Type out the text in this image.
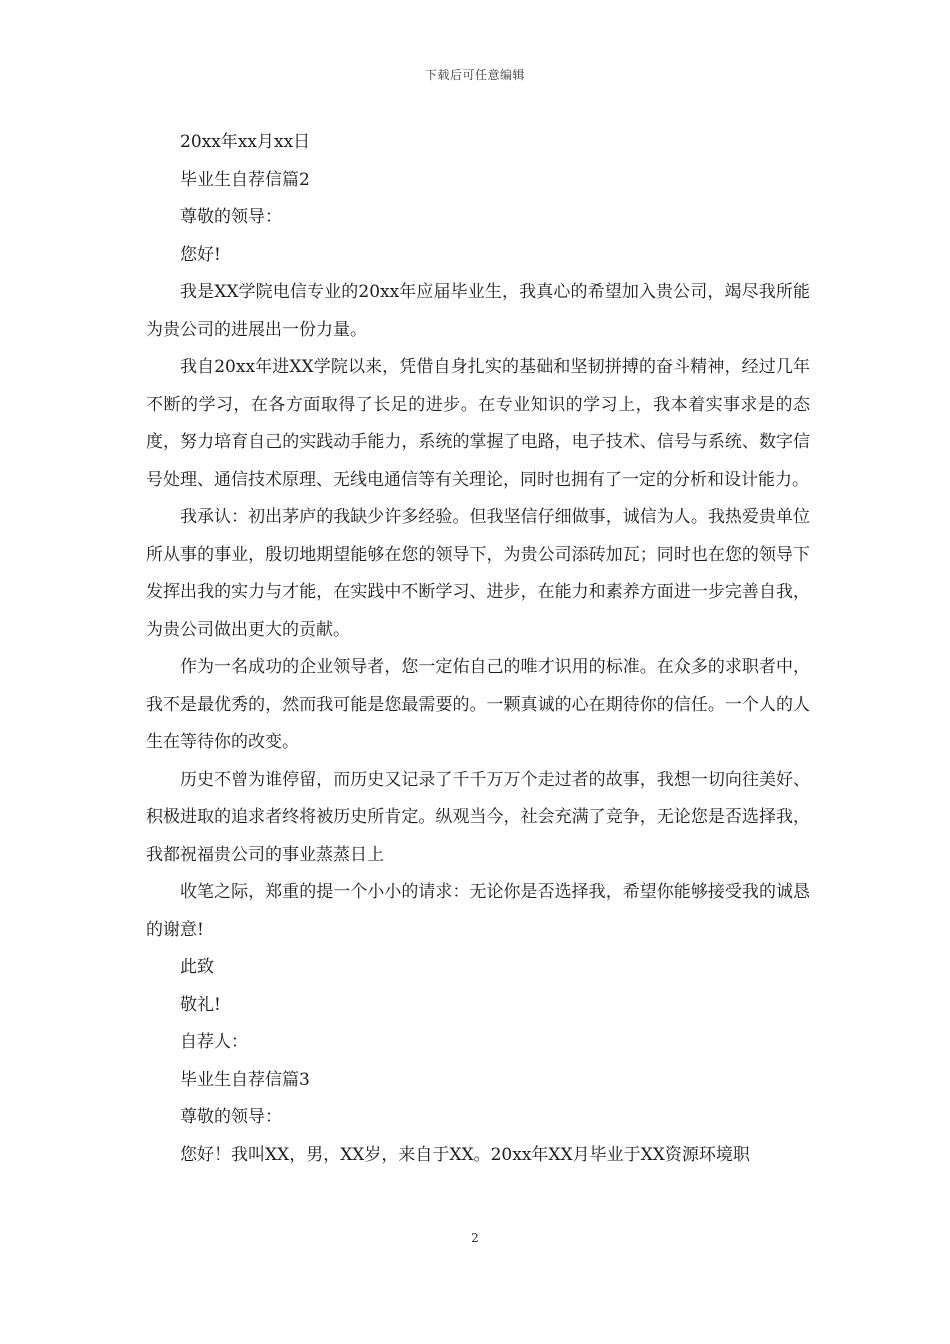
下载后可任意编辑

20xx年xx月xx日

毕业生自荐信篇2

尊敬的领导：

您好!

我是XX学院电信专业的20xx年应届毕业生，我真心的希望加入贵公司，竭尽我所能为贵公司的进展出一份力量。

我自20xx年进XX学院以来，凭借自身扎实的基础和坚韧拼搏的奋斗精神，经过几年不断的学习，在各方面取得了长足的进步。在专业知识的学习上，我本着实事求是的态度，努力培育自己的实践动手能力，系统的掌握了电路，电子技术、信号与系统、数字信号处理、通信技术原理、无线电通信等有关理论，同时也拥有了一定的分析和设计能力。

我承认：初出茅庐的我缺少许多经验。但我坚信仔细做事，诚信为人。我热爱贵单位所从事的事业，殷切地期望能够在您的领导下，为贵公司添砖加瓦；同时也在您的领导下发挥出我的实力与才能，在实践中不断学习、进步，在能力和素养方面进一步完善自我，为贵公司做出更大的贡献。

作为一名成功的企业领导者，您一定佑自己的唯才识用的标准。在众多的求职者中，我不是最优秀的，然而我可能是您最需要的。一颗真诚的心在期待你的信任。一个人的人生在等待你的改变。

历史不曾为谁停留，而历史又记录了千千万万个走过者的故事，我想一切向往美好、积极进取的追求者终将被历史所肯定。纵观当今，社会充满了竞争，无论您是否选择我，我都祝福贵公司的事业蒸蒸日上

收笔之际，郑重的提一个小小的请求：无论你是否选择我，希望你能够接受我的诚恳的谢意!

此致

敬礼!

自荐人：

毕业生自荐信篇3

尊敬的领导：

您好！我叫XX，男，XX岁，来自于XX。20xx年XX月毕业于XX资源环境职

2
